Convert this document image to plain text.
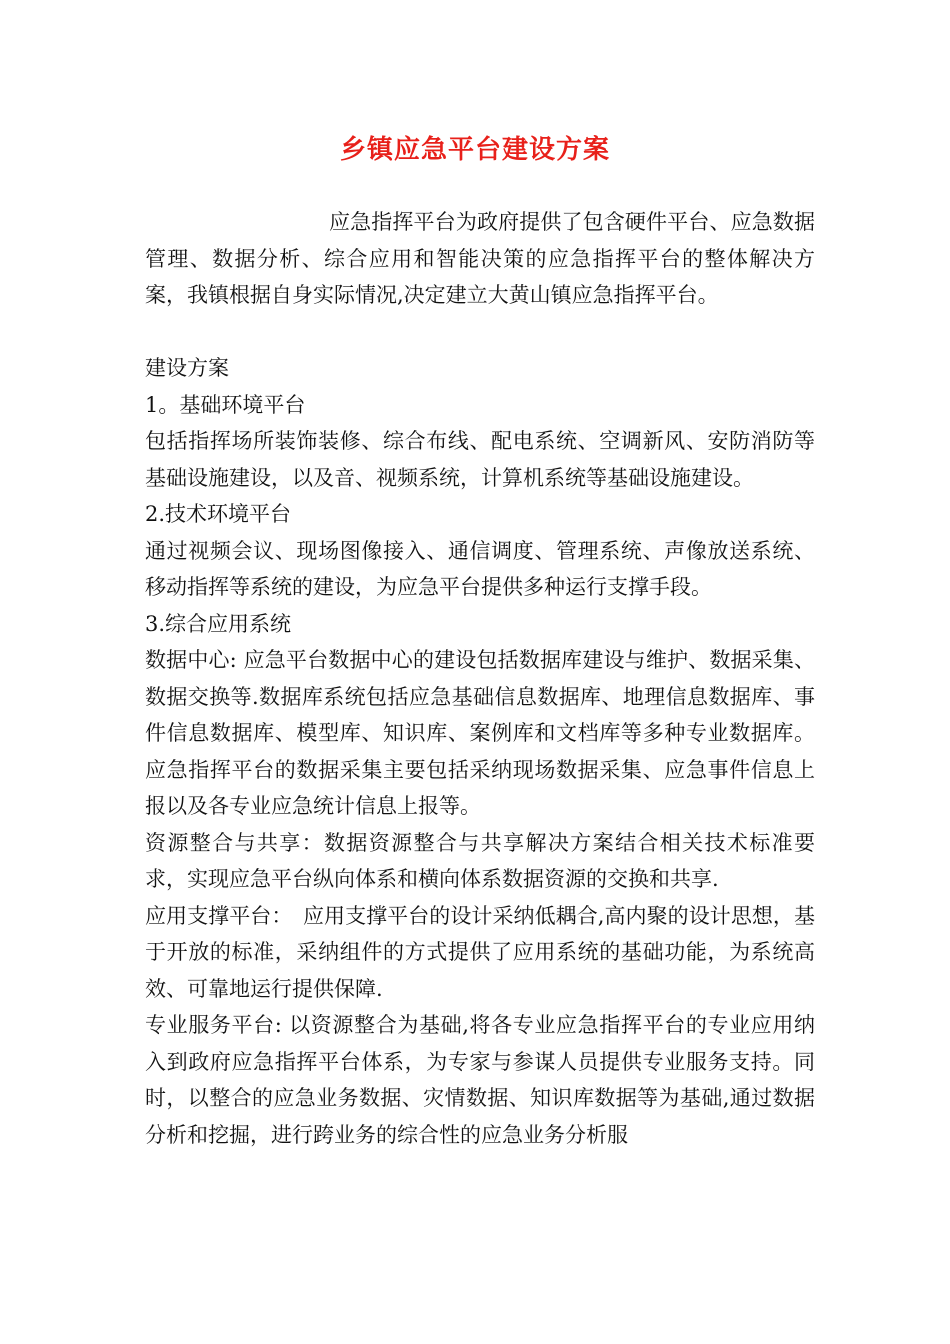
乡镇应急平台建设方案

应急指挥平台为政府提供了包含硬件平台、应急数据管理、数据分析、综合应用和智能决策的应急指挥平台的整体解决方案，我镇根据自身实际情况,决定建立大黄山镇应急指挥平台。

建设方案

1。基础环境平台

包括指挥场所装饰装修、综合布线、配电系统、空调新风、安防消防等基础设施建设，以及音、视频系统，计算机系统等基础设施建设。

2.技术环境平台

通过视频会议、现场图像接入、通信调度、管理系统、声像放送系统、移动指挥等系统的建设，为应急平台提供多种运行支撑手段。

3.综合应用系统

数据中心: 应急平台数据中心的建设包括数据库建设与维护、数据采集、数据交换等.数据库系统包括应急基础信息数据库、地理信息数据库、事件信息数据库、模型库、知识库、案例库和文档库等多种专业数据库。应急指挥平台的数据采集主要包括采纳现场数据采集、应急事件信息上报以及各专业应急统计信息上报等。

资源整合与共享：数据资源整合与共享解决方案结合相关技术标准要求，实现应急平台纵向体系和横向体系数据资源的交换和共享.

应用支撑平台：　应用支撑平台的设计采纳低耦合,高内聚的设计思想，基于开放的标准，采纳组件的方式提供了应用系统的基础功能，为系统高效、可靠地运行提供保障.

专业服务平台: 以资源整合为基础,将各专业应急指挥平台的专业应用纳入到政府应急指挥平台体系，为专家与参谋人员提供专业服务支持。同时，以整合的应急业务数据、灾情数据、知识库数据等为基础,通过数据分析和挖掘，进行跨业务的综合性的应急业务分析服
